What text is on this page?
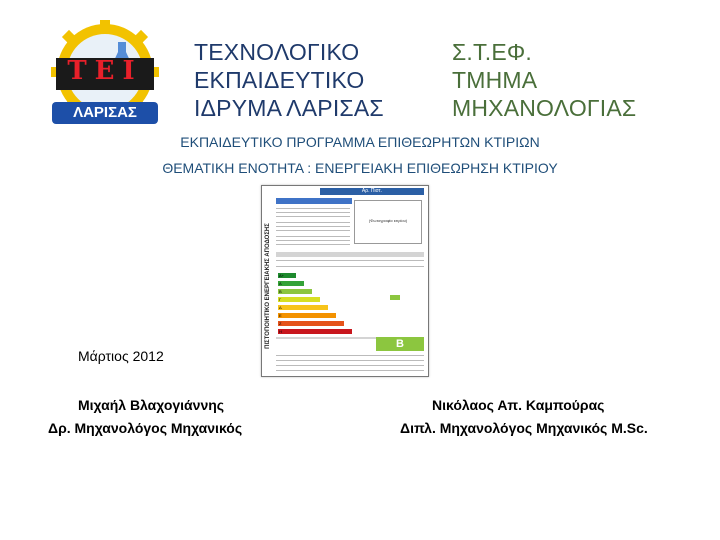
ΤΕΙ
ΛΑΡΙΣΑΣ
ΤΕΧΝΟΛΟΓΙΚΟ
ΕΚΠΑΙΔΕΥΤΙΚΟ
ΙΔΡΥΜΑ ΛΑΡΙΣΑΣ
Σ.Τ.ΕΦ.
ΤΜΗΜΑ
ΜΗΧΑΝΟΛΟΓΙΑΣ
ΕΚΠΑΙΔΕΥΤΙΚΟ ΠΡΟΓΡΑΜΜΑ ΕΠΙΘΕΩΡΗΤΩΝ ΚΤΙΡΙΩΝ
ΘΕΜΑΤΙΚΗ ΕΝΟΤΗΤΑ : ΕΝΕΡΓΕΙΑΚΗ ΕΠΙΘΕΩΡΗΣΗ ΚΤΙΡΙΟΥ
Αρ. Πιστ.
ΠΙΣΤΟΠΟΙΗΤΙΚΟ ΕΝΕΡΓΕΙΑΚΗΣ ΑΠΟΔΟΣΗΣ
(Φωτογραφία κτιρίου)
Α+
Α
Β
Γ
Δ
Ε
Ζ
Η
B
Μάρτιος 2012
Μιχαήλ Βλαχογιάννης
Δρ. Μηχανολόγος Μηχανικός
Νικόλαος Απ. Καμπούρας
Διπλ. Μηχανολόγος Μηχανικός M.Sc.
